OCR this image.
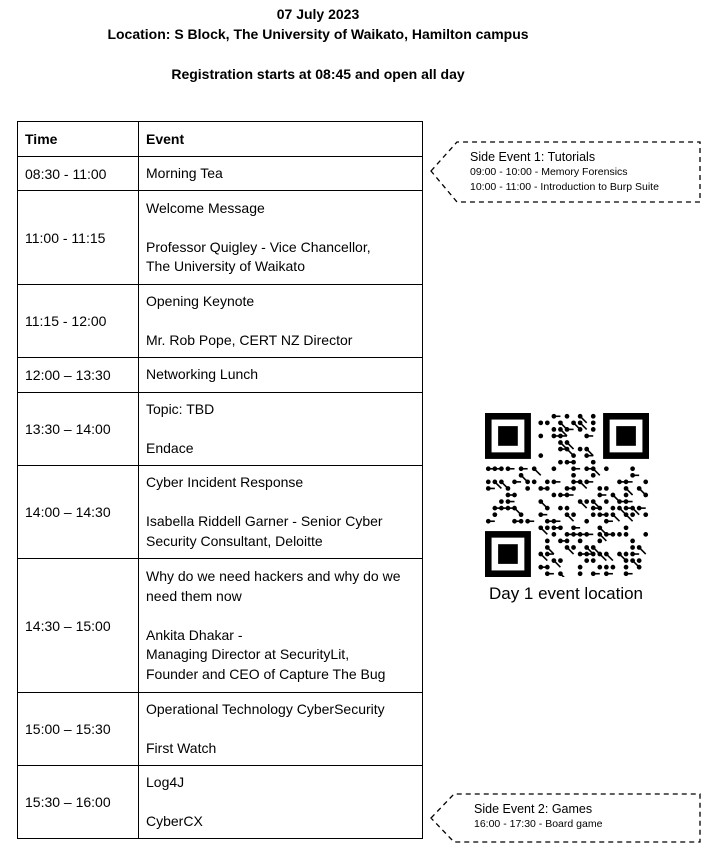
07 July 2023
Location: S Block, The University of Waikato, Hamilton campus
Registration starts at 08:45 and open all day
Time	Event
08:30 - 11:00	Morning Tea

11:00 - 11:15	Welcome Message
Professor Quigley - Vice Chancellor,
The University of Waikato

11:15 - 12:00	Opening Keynote
Mr. Rob Pope, CERT NZ Director

12:00 – 13:30	Networking Lunch

13:30 – 14:00	Topic: TBD
Endace

14:00 – 14:30	Cyber Incident Response
Isabella Riddell Garner - Senior Cyber
Security Consultant, Deloitte

14:30 – 15:00	Why do we need hackers and why do we
need them now
Ankita Dhakar -
Managing Director at SecurityLit,
Founder and CEO of Capture The Bug

15:00 – 15:30	Operational Technology CyberSecurity
First Watch

15:30 – 16:00	Log4J
CyberCX
Side Event 1: Tutorials
09:00 - 10:00 - Memory Forensics
10:00 - 11:00 - Introduction to Burp Suite
Side Event 2: Games
16:00 - 17:30 - Board game
Day 1 event location
